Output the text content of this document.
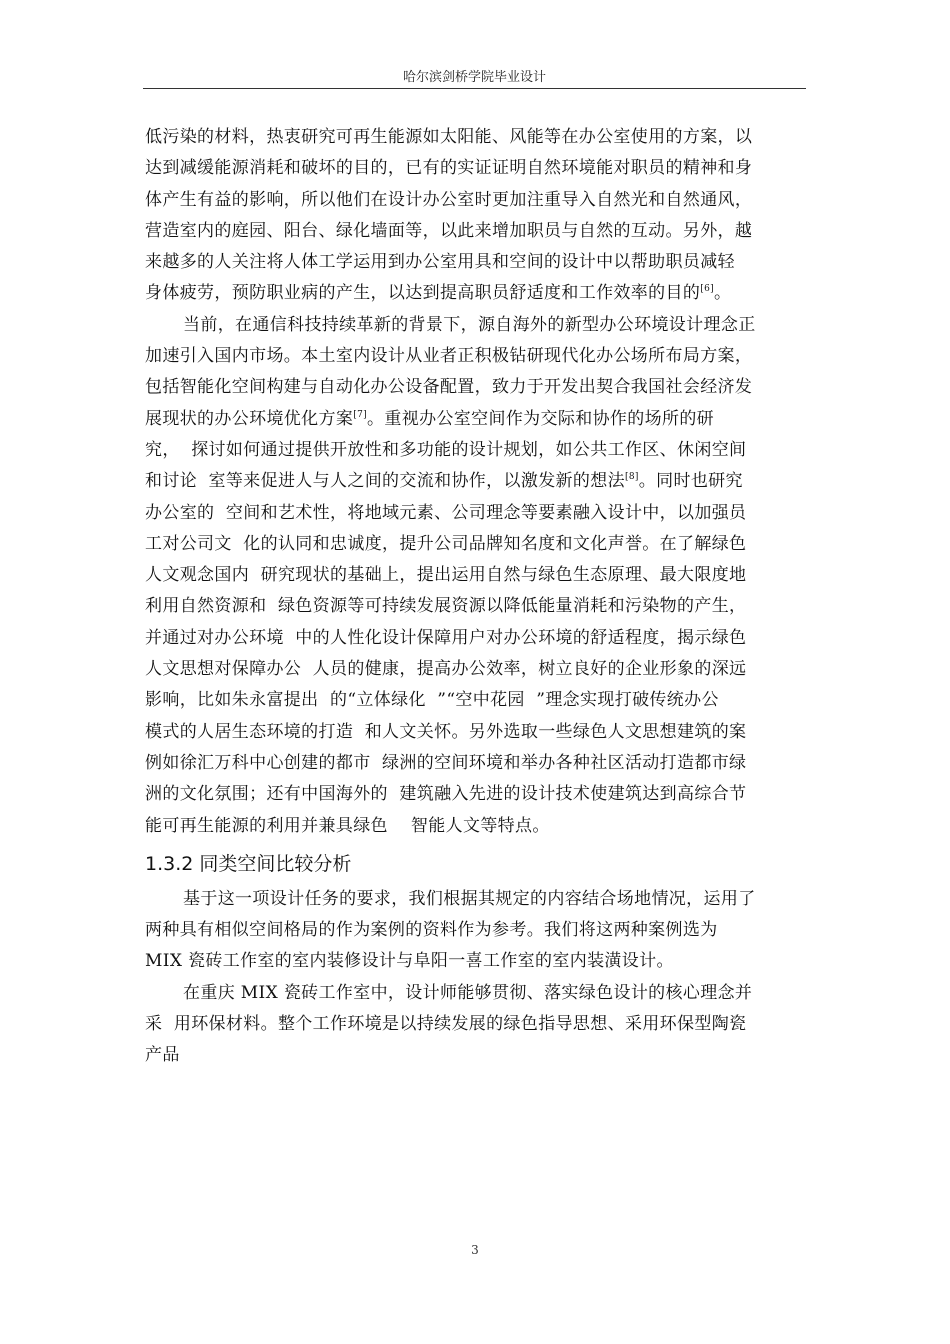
哈尔滨剑桥学院毕业设计
低污染的材料，热衷研究可再生能源如太阳能、风能等在办公室使用的方案，以
达到减缓能源消耗和破坏的目的，已有的实证证明自然环境能对职员的精神和身
体产生有益的影响，所以他们在设计办公室时更加注重导入自然光和自然通风，
营造室内的庭园、阳台、绿化墙面等，以此来增加职员与自然的互动。另外，越
来越多的人关注将人体工学运用到办公室用具和空间的设计中以帮助职员减轻
身体疲劳，预防职业病的产生，以达到提高职员舒适度和工作效率的目的[6]。
当前，在通信科技持续革新的背景下，源自海外的新型办公环境设计理念正
加速引入国内市场。本土室内设计从业者正积极钻研现代化办公场所布局方案，
包括智能化空间构建与自动化办公设备配置，致力于开发出契合我国社会经济发
展现状的办公环境优化方案[7]。重视办公室空间作为交际和协作的场所的研
究，  探讨如何通过提供开放性和多功能的设计规划，如公共工作区、休闲空间
和讨论  室等来促进人与人之间的交流和协作，以激发新的想法[8]。同时也研究
办公室的  空间和艺术性，将地域元素、公司理念等要素融入设计中，以加强员
工对公司文  化的认同和忠诚度，提升公司品牌知名度和文化声誉。在了解绿色
人文观念国内  研究现状的基础上，提出运用自然与绿色生态原理、最大限度地
利用自然资源和  绿色资源等可持续发展资源以降低能量消耗和污染物的产生，
并通过对办公环境  中的人性化设计保障用户对办公环境的舒适程度，揭示绿色
人文思想对保障办公  人员的健康，提高办公效率，树立良好的企业形象的深远
影响，比如朱永富提出  的“立体绿化  ”“空中花园  ”理念实现打破传统办公
模式的人居生态环境的打造  和人文关怀。另外选取一些绿色人文思想建筑的案
例如徐汇万科中心创建的都市  绿洲的空间环境和举办各种社区活动打造都市绿
洲的文化氛围；还有中国海外的  建筑融入先进的设计技术使建筑达到高综合节
能可再生能源的利用并兼具绿色    智能人文等特点。
1.3.2 同类空间比较分析
基于这一项设计任务的要求，我们根据其规定的内容结合场地情况，运用了
两种具有相似空间格局的作为案例的资料作为参考。我们将这两种案例选为
MIX 瓷砖工作室的室内装修设计与阜阳一喜工作室的室内装潢设计。
在重庆 MIX 瓷砖工作室中，设计师能够贯彻、落实绿色设计的核心理念并
采  用环保材料。整个工作环境是以持续发展的绿色指导思想、采用环保型陶瓷
产品
3
